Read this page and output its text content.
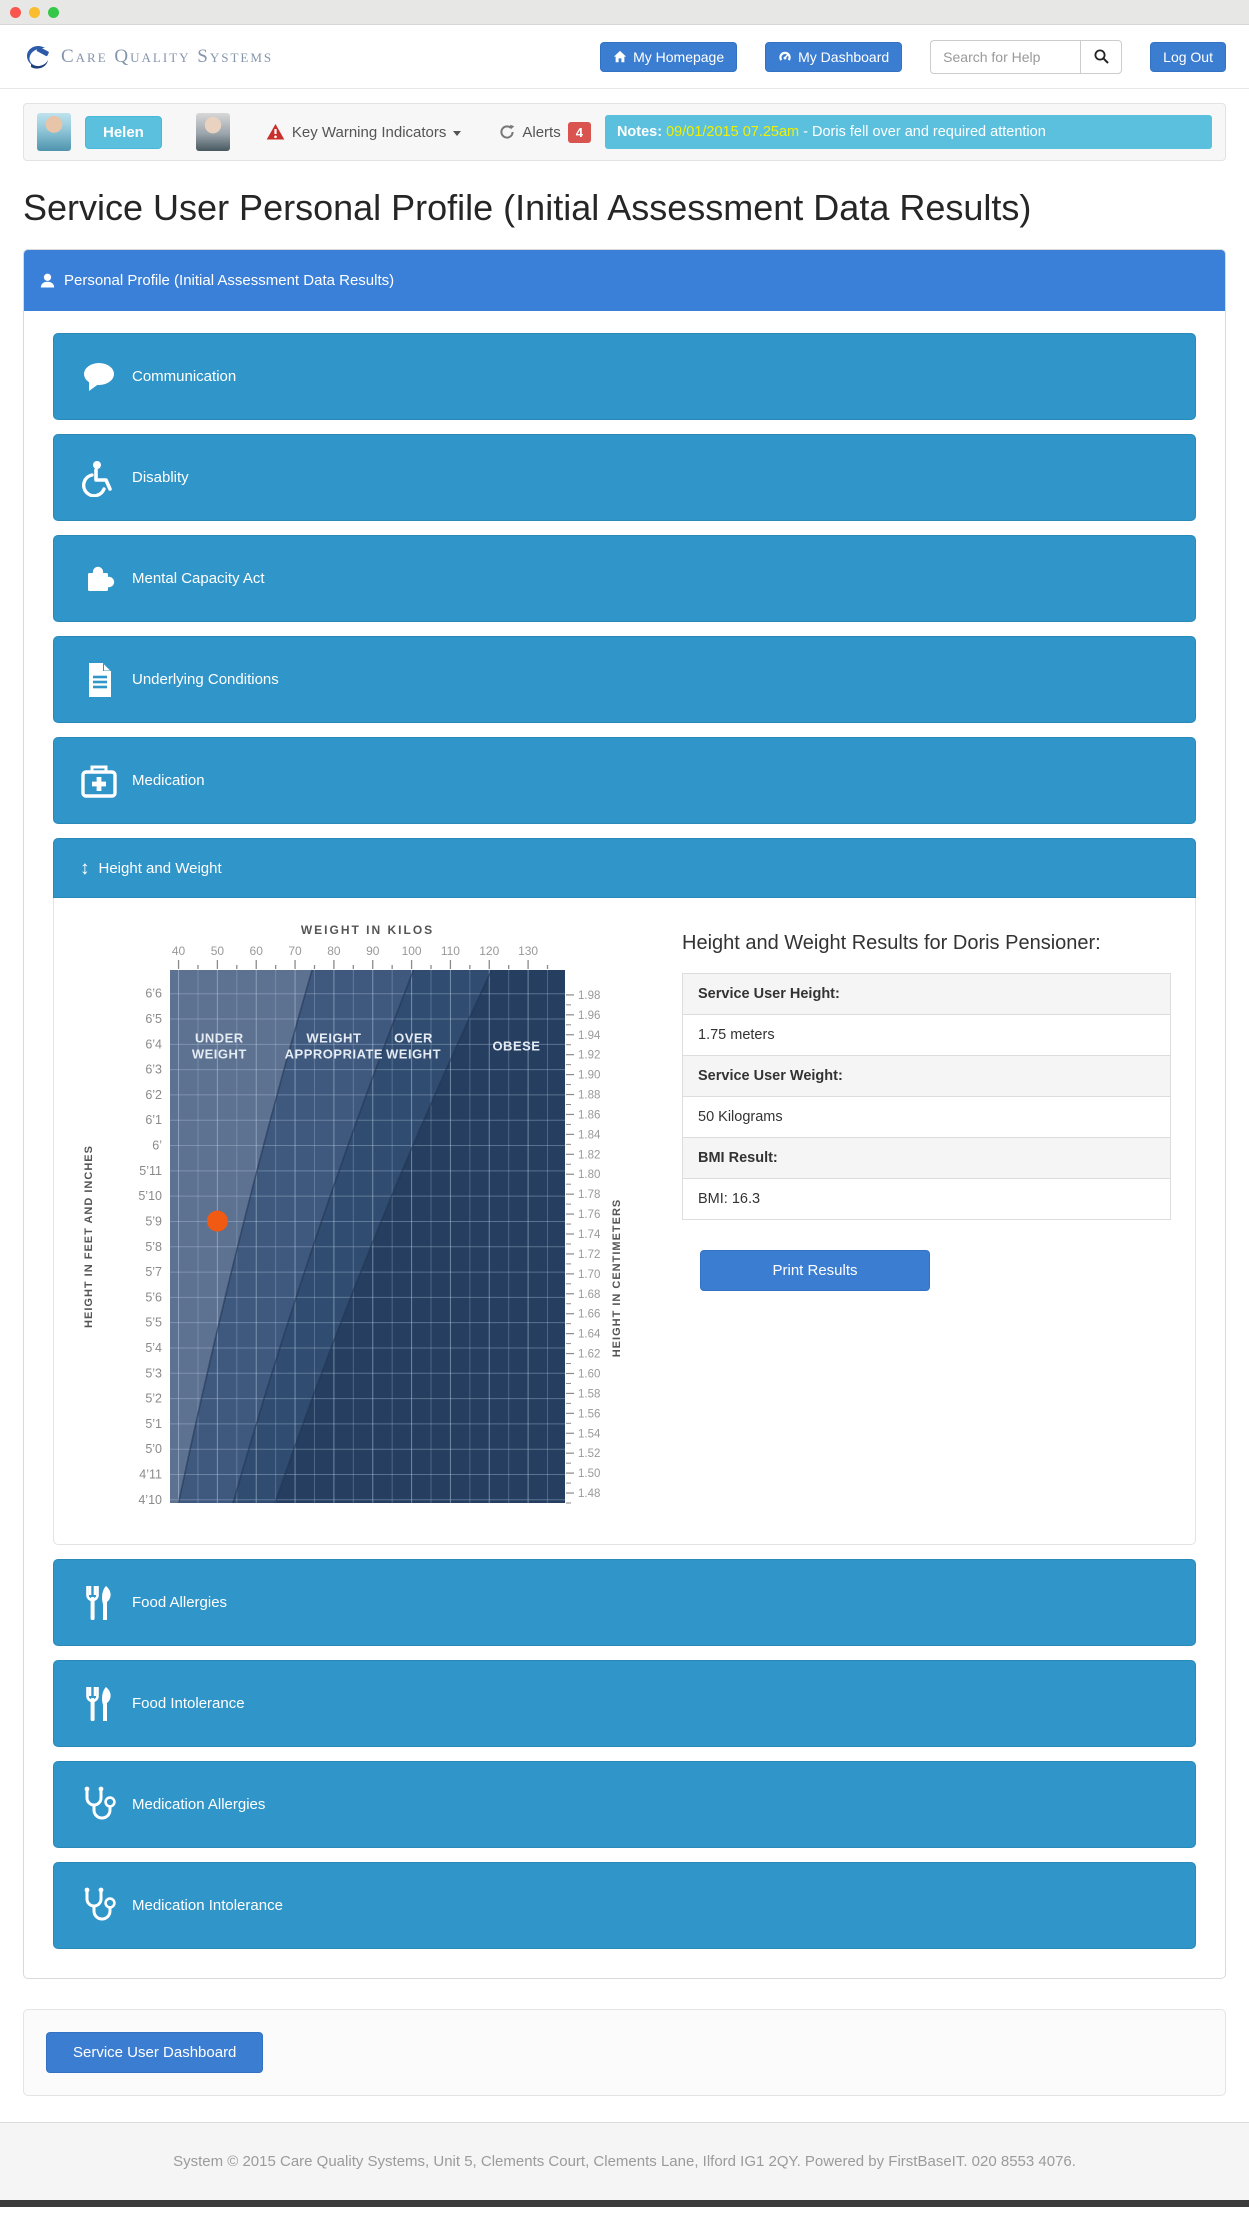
Care Quality Systems	My Homepage	My Dashboard
Search for Help	Log Out
Helen	Key Warning Indicators	Alerts	4	Notes: 09/01/2015 07.25am - Doris fell over and required attention
Service User Personal Profile (Initial Assessment Data Results)
Personal Profile (Initial Assessment Data Results)
Communication
Disablity
Mental Capacity Act
Underlying Conditions
Medication
↕ Height and Weight
UNDER
WEIGHT
WEIGHT
APPROPRIATE
OVER
WEIGHT
OBESE
WEIGHT IN KILOS
40 50 60 70 80 90 100 110 120 130
6’6
6’5
6’4
6’3
6’2
6’1
6’
5’11
5’10
5’9
5’8
5’7
5’6
5’5
5’4
5’3
5’2
5’1
5’0
4’11
4’10
1.98
1.96
1.94
1.92
1.90
1.88
1.86
1.84
1.82
1.80
1.78
1.76
1.74
1.72
1.70
1.68
1.66
1.64
1.62
1.60
1.58
1.56
1.54
1.52
1.50
1.48
HEIGHT IN FEET AND INCHES	HEIGHT IN CENTIMETERS
Height and Weight Results for Doris Pensioner:
Service User Height:
1.75 meters
Service User Weight:
50 Kilograms
BMI Result:
BMI: 16.3
Print Results
Food Allergies
Food Intolerance
Medication Allergies
Medication Intolerance
Service User Dashboard

System © 2015 Care Quality Systems, Unit 5, Clements Court, Clements Lane, Ilford IG1 2QY. Powered by FirstBaseIT. 020 8553 4076.
